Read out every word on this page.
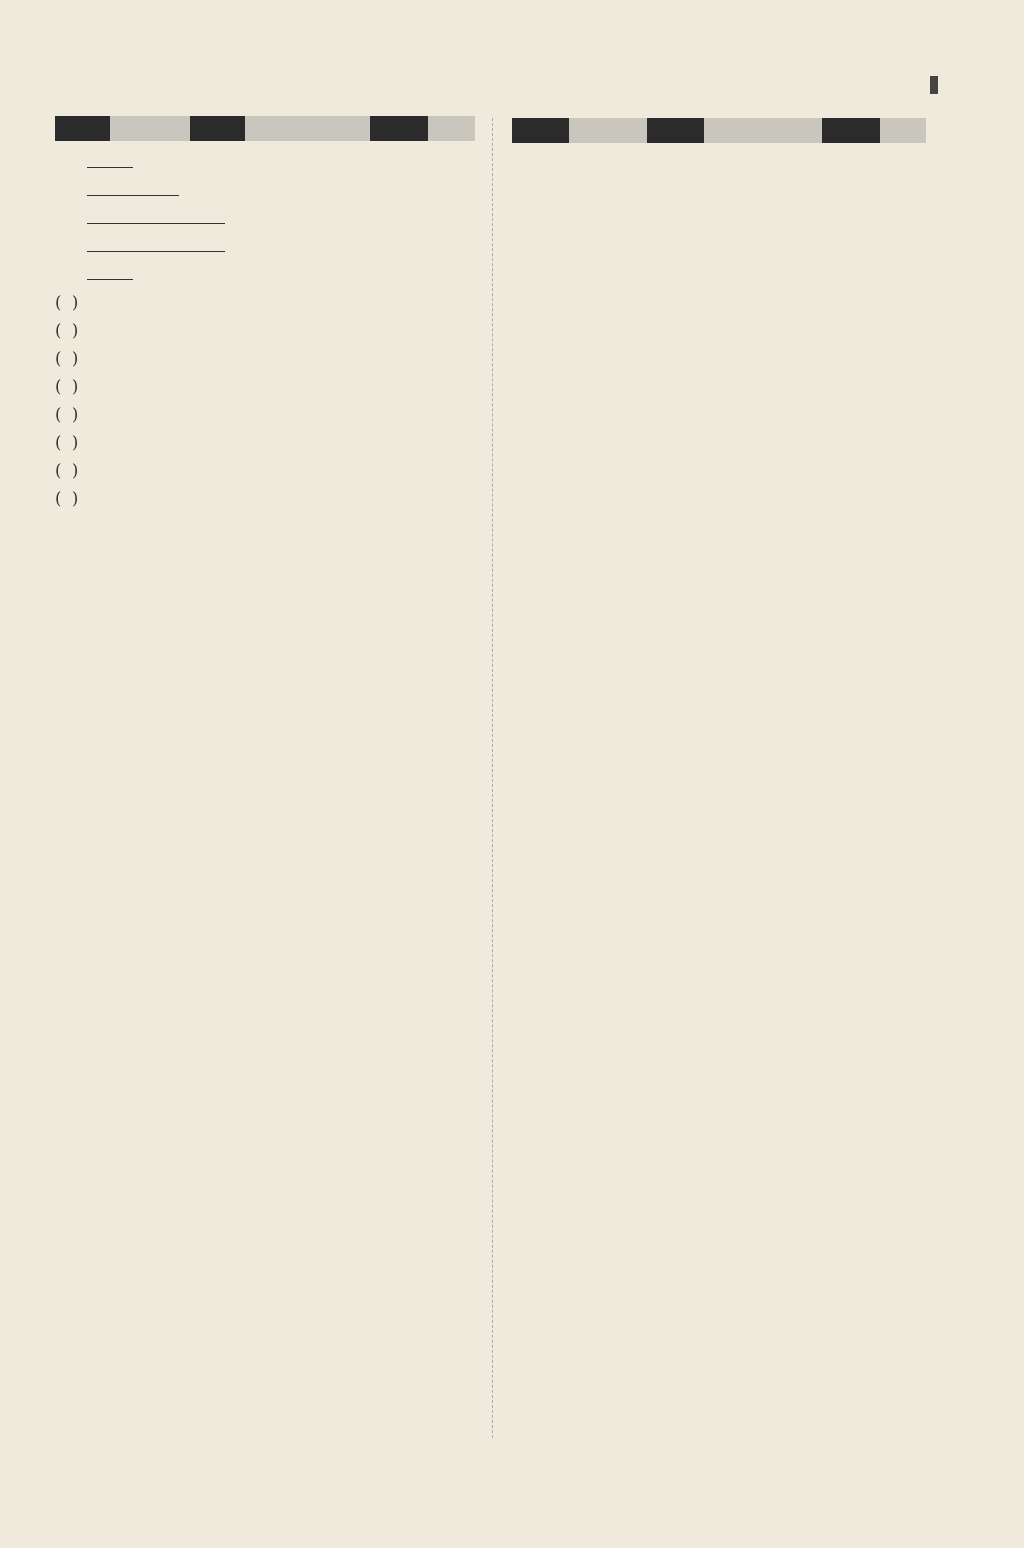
(  )
(  )
(  )
(  )
(  )
(  )
(  )
(  )
